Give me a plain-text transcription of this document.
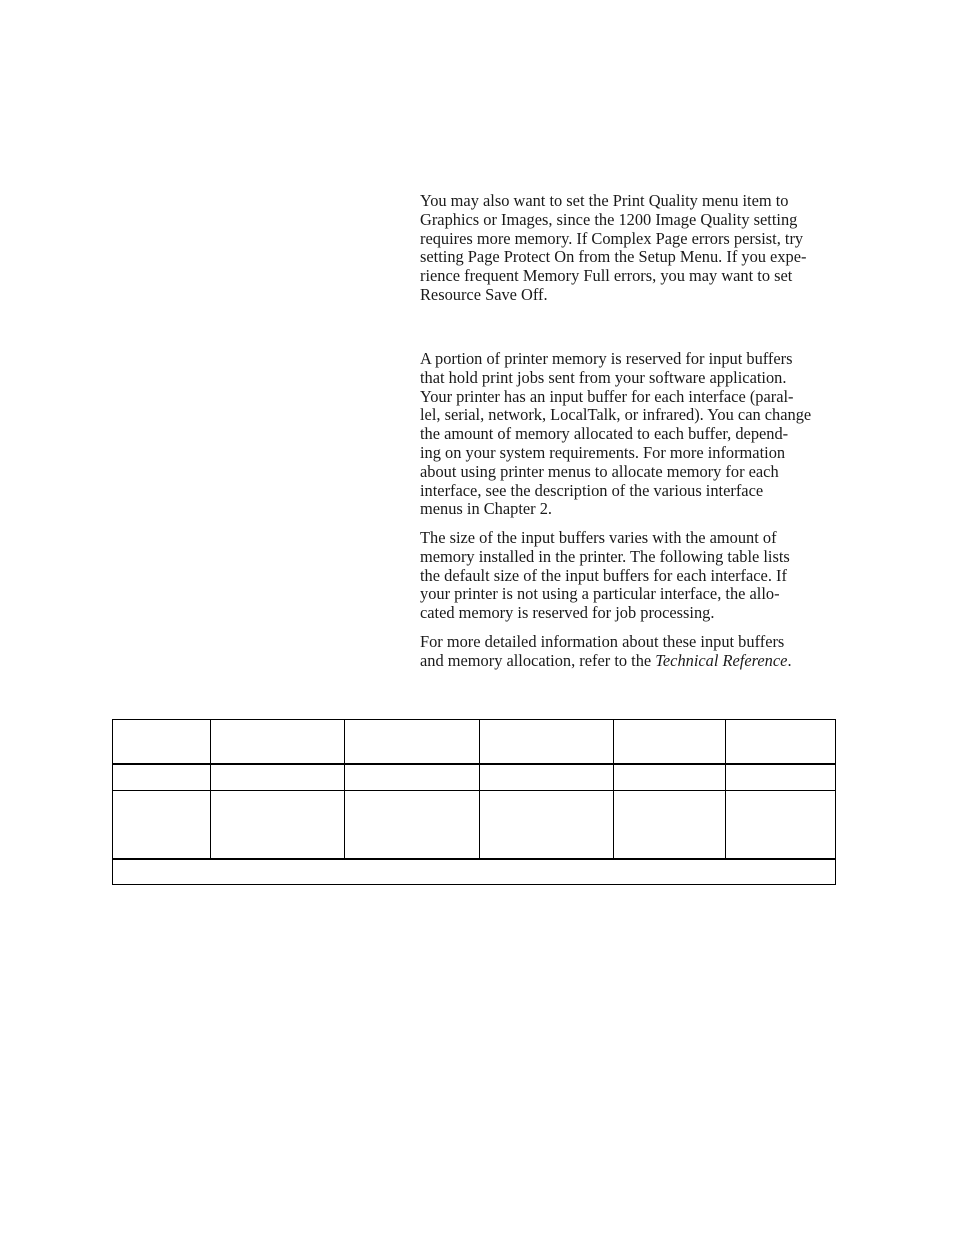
You may also want to set the Print Quality menu item to
Graphics or Images, since the 1200 Image Quality setting
requires more memory. If Complex Page errors persist, try
setting Page Protect On from the Setup Menu. If you expe-
rience frequent Memory Full errors, you may want to set
Resource Save Off.

A portion of printer memory is reserved for input buffers
that hold print jobs sent from your software application.
Your printer has an input buffer for each interface (paral-
lel, serial, network, LocalTalk, or infrared). You can change
the amount of memory allocated to each buffer, depend-
ing on your system requirements. For more information
about using printer menus to allocate memory for each
interface, see the description of the various interface
menus in Chapter 2.

The size of the input buffers varies with the amount of
memory installed in the printer. The following table lists
the default size of the input buffers for each interface. If
your printer is not using a particular interface, the allo-
cated memory is reserved for job processing.

For more detailed information about these input buffers
and memory allocation, refer to the Technical Reference.
